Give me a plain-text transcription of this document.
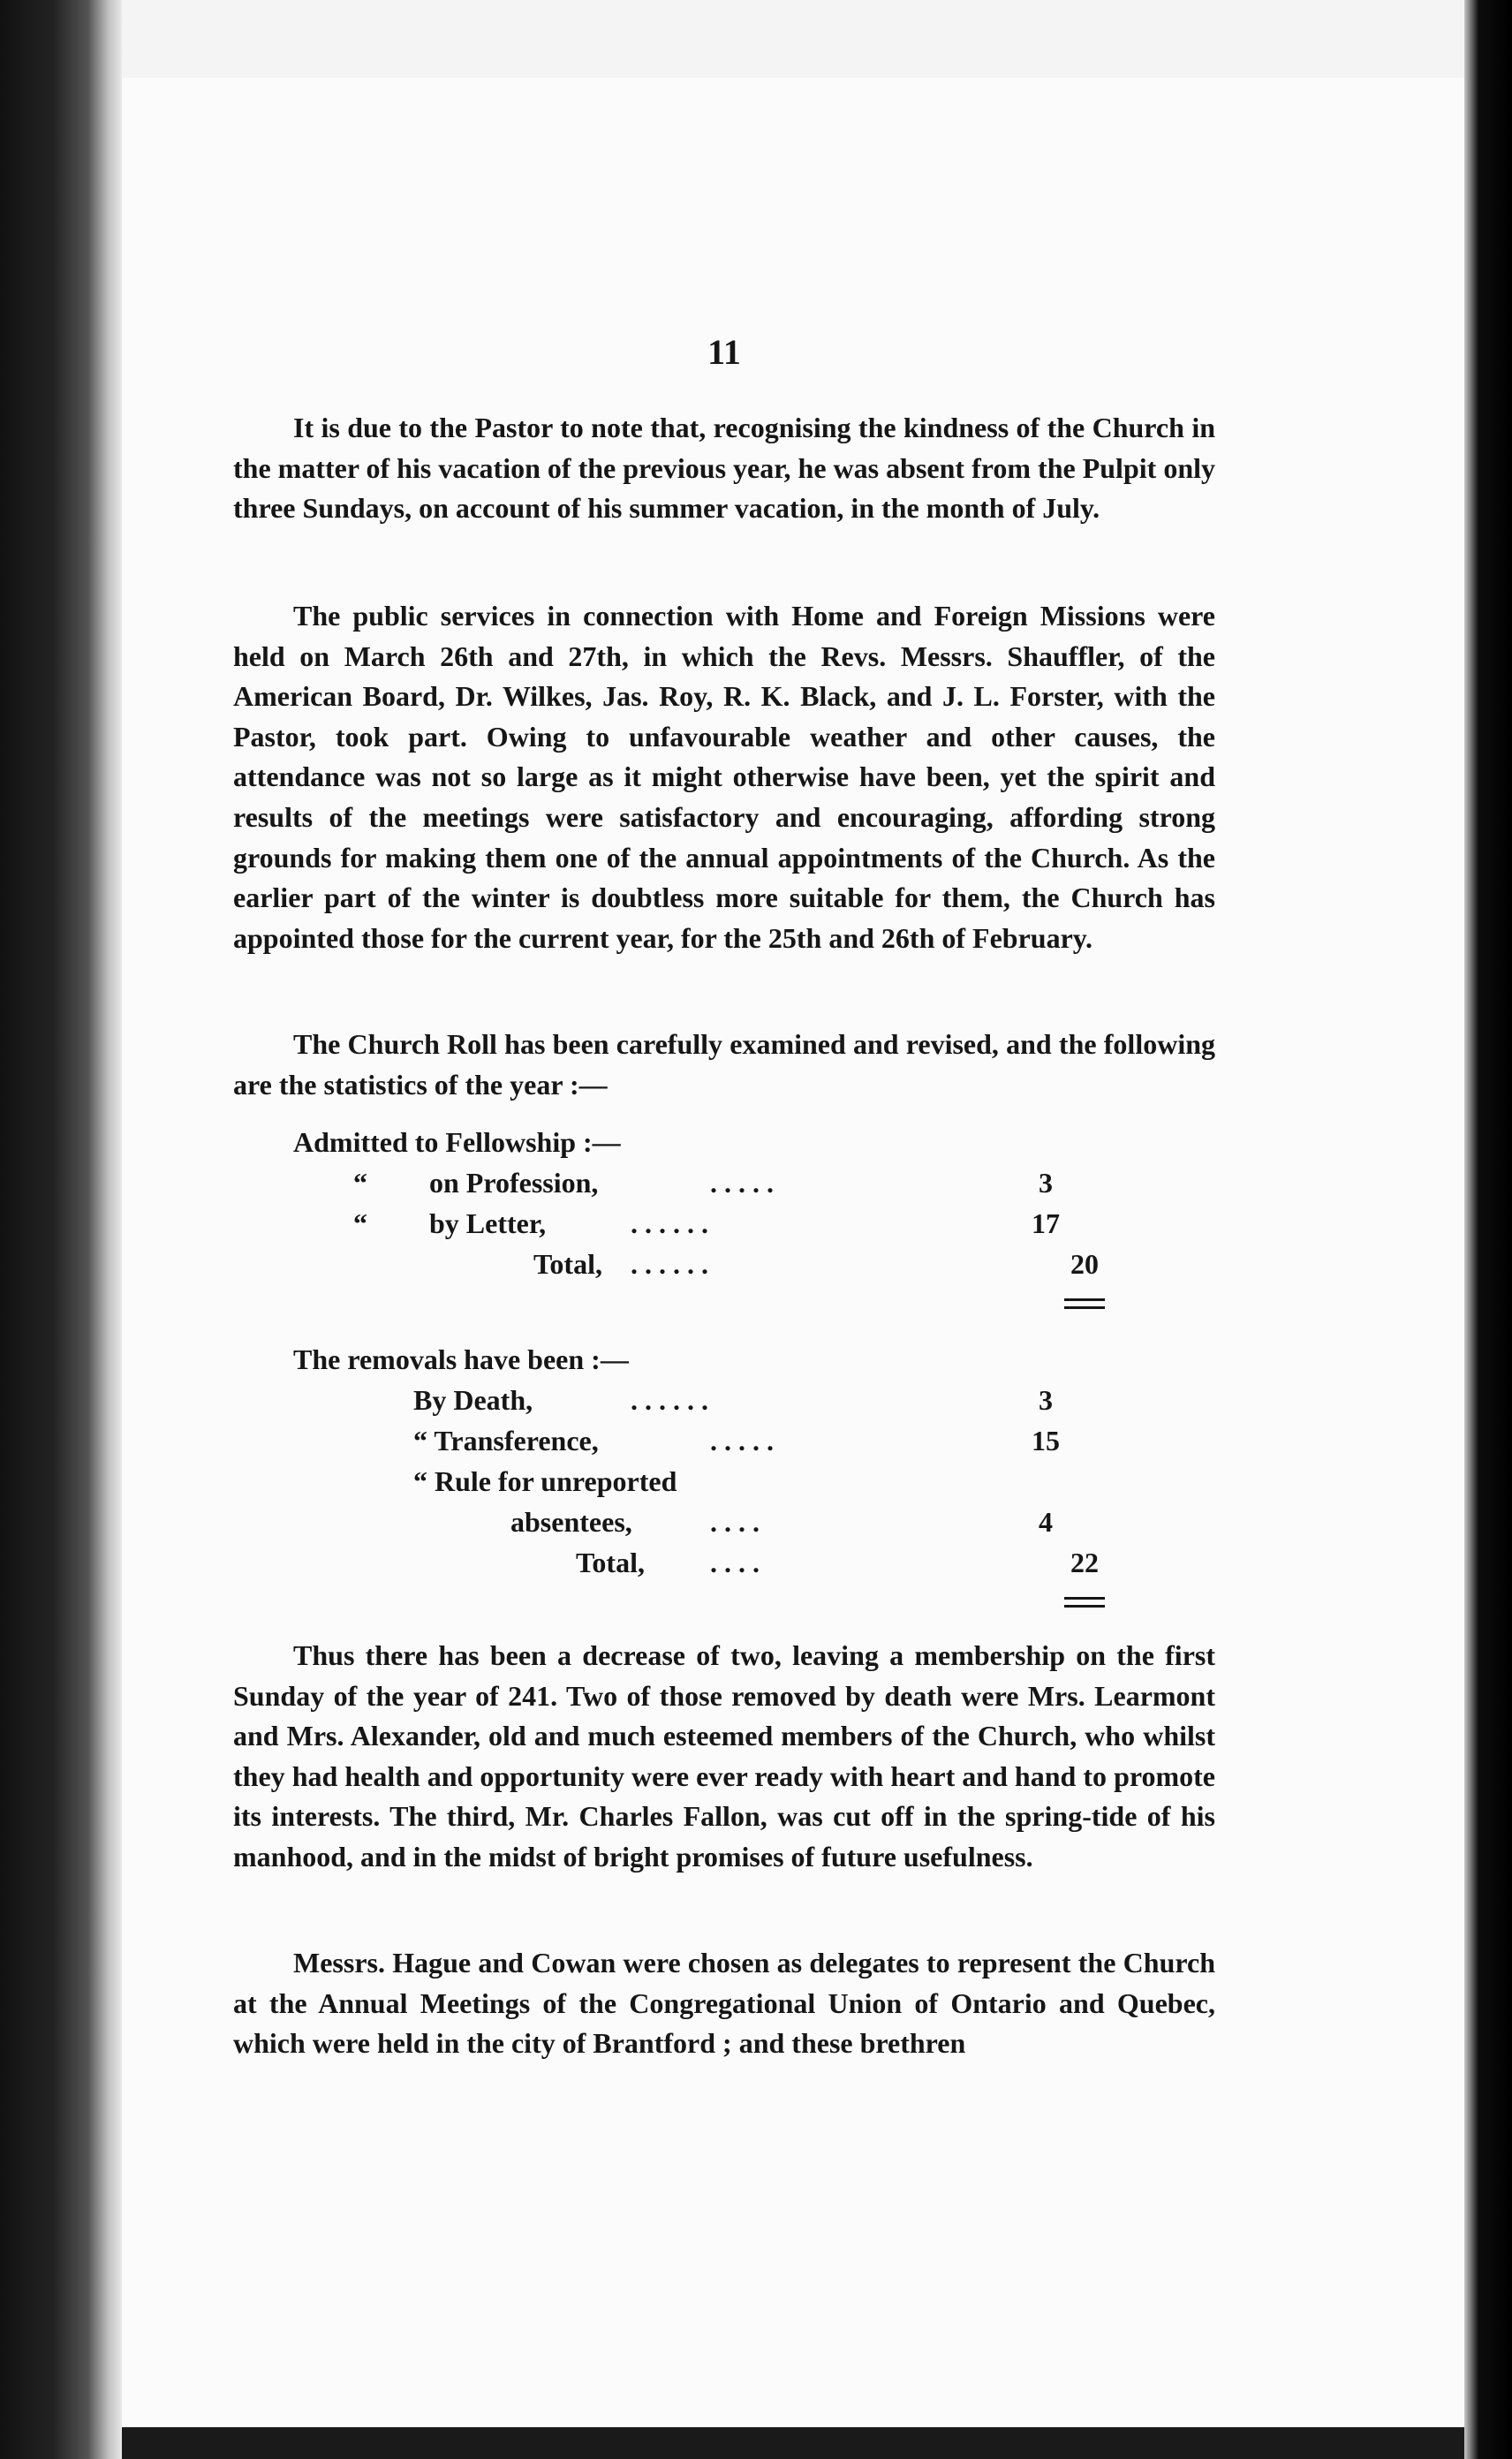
11

It is due to the Pastor to note that, recognising the kindness of the Church in the matter of his vacation of the previous year, he was absent from the Pulpit only three Sundays, on account of his summer vacation, in the month of July.

The public services in connection with Home and Foreign Missions were held on March 26th and 27th, in which the Revs. Messrs. Shauffler, of the American Board, Dr. Wilkes, Jas. Roy, R. K. Black, and J. L. Forster, with the Pastor, took part. Owing to unfavourable weather and other causes, the attendance was not so large as it might otherwise have been, yet the spirit and results of the meetings were satisfactory and encouraging, affording strong grounds for making them one of the annual appointments of the Church. As the earlier part of the winter is doubtless more suitable for them, the Church has appointed those for the current year, for the 25th and 26th of February.

The Church Roll has been carefully examined and revised, and the following are the statistics of the year :—

Admitted to Fellowship :—
“ on Profession,	. . . . .	3
“ by Letter,	. . . . . .	17
Total, . . . . . .	20
The removals have been :—
By Death,	. . . . . .	3
“ Transference,	. . . . .	15
“ Rule for unreported
absentees,	. . . .	4
Total, . . . .	22

Thus there has been a decrease of two, leaving a membership on the first Sunday of the year of 241. Two of those removed by death were Mrs. Learmont and Mrs. Alexander, old and much esteemed members of the Church, who whilst they had health and opportunity were ever ready with heart and hand to promote its interests. The third, Mr. Charles Fallon, was cut off in the spring-tide of his manhood, and in the midst of bright promises of future usefulness.

Messrs. Hague and Cowan were chosen as delegates to represent the Church at the Annual Meetings of the Congregational Union of Ontario and Quebec, which were held in the city of Brantford ; and these brethren
